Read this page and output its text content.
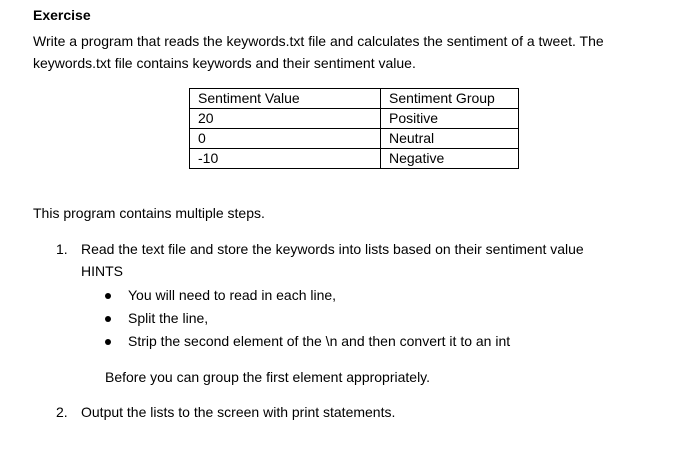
Exercise
Write a program that reads the keywords.txt file and calculates the sentiment of a tweet. The keywords.txt file contains keywords and their sentiment value.
Sentiment Value	Sentiment Group
20	Positive
0	Neutral
-10	Negative
This program contains multiple steps.
1. Read the text file and store the keywords into lists based on their sentiment value
HINTS
You will need to read in each line,
Split the line,
Strip the second element of the \n and then convert it to an int
Before you can group the first element appropriately.
2. Output the lists to the screen with print statements.
